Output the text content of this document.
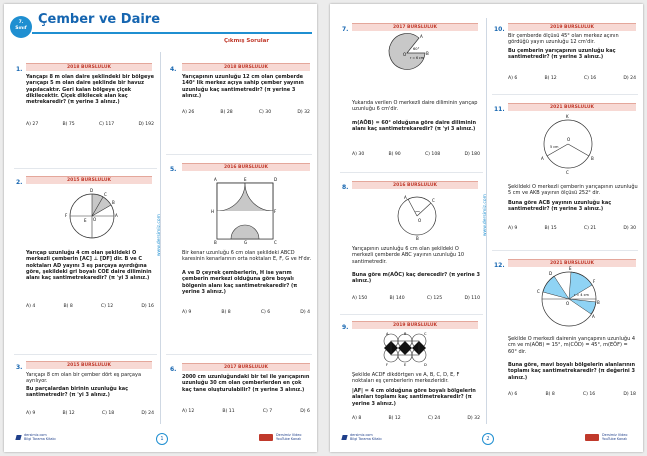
7.
Sınıf
Çember ve Daire
Çıkmış Sorular
www.dersimiz.com
1.	2018 BURSLULUK
Yançapı 8 m olan daire şeklindeki bir bölgeye yarıçapı 5 m olan daire şeklinde bir havuz yapılacaktır. Geri kalan bölgeye çiçek dikilecektir. Çiçek dikilecek alan kaç metrekaredir? (π yerine 3 alınız.)
A) 27	B) 75	C) 117	D) 192
2.	2015 BURSLULUK
D
C
B
E O
A
F
Yarıçap uzunluğu 4 cm olan şekildeki O merkezli çemberin [AC] ⊥ [DF] dir. B ve C noktaları AD yayını 3 eş parçaya ayırdığına göre, şekildeki gri boyalı COE daire diliminin alanı kaç santimetrekaredir? (π 'yi 3 alınız.)
A) 4	B) 8	C) 12	D) 16
3.	2015 BURSLULUK
Yarıçapı 8 cm olan bir çember dört eş parçaya ayrılıyor.
Bu parçalardan birinin uzunluğu kaç santimetredir? (π 'yi 3 alınız.)
A) 9	B) 12	C) 18	D) 24
4.	2018 BURSLULUK
Yarıçapının uzunluğu 12 cm olan çemberde 140° lik merkez açıya sahip çember yayının uzunluğu kaç santimetredir? (π yerine 3 alınız.)
A) 26	B) 28	C) 30	D) 32
5.	2016 BURSLULUK
A	E	D
F
H
B	G	C
Bir kenar uzunluğu 6 cm olan şekildeki ABCD karesinin kenarlarının orta noktaları E, F, G ve H'dır.
A ve D çeyrek çemberlerin, H ise yarım çemberin merkezi olduğuna göre boyalı bölgenin alanı kaç santimetrekaredir? (π yerine 3 alınız.)
A) 9	B) 8	C) 6	D) 4
6.	2017 BURSLULUK
2000 cm uzunluğundaki bir tel ile yarıçapının uzunluğu 30 cm olan çemberlerden en çok kaç tane oluşturulabilir? (π yerine 3 alınız.)
A) 12	B) 11	C) 7	D) 6
dersimiz.com
Bilgi Tarama Kitabı	1
Dersimiz Video
YouTube Kanalı
www.dersimiz.com
7.	2017 BURSLULUK
A
B
O
60°
r = 6 cm
Yukarıda verilen O merkezli daire diliminin yarıçap uzunluğu 6 cm'dir.
m(AÔB) = 60° olduğuna göre daire diliminin alanı kaç santimetrekaredir? (π 'yi 3 alınız.)
A) 30	B) 90	C) 108	D) 180
8.	2016 BURSLULUK
A
C
B
O
Yarıçapının uzunluğu 6 cm olan şekildeki O merkezli çemberde ABC yayının uzunluğu 10 santimetredir.
Buna göre m(AÔC) kaç derecedir? (π yerine 3 alınız.)
A) 150	B) 140	C) 125	D) 110
9.	2019 BURSLULUK
A	B	C
F	E	D
Şekilde ACDF dikdörtgen ve A, B, C, D, E, F noktaları eş çemberlerin merkezleridir.
|AF| = 4 cm olduğuna göre boyalı bölgelerin alanları toplamı kaç santimetrekaredir? (π yerine 3 alınız.)
A) 8	B) 12	C) 24	D) 32
10.	2019 BURSLULUK
Bir çemberde ölçüsü 45° olan merkez açının gördüğü yayın uzunluğu 12 cm'dir.
Bu çemberin yarıçapının uzunluğu kaç santimetredir? (π yerine 3 alınız.)
A) 6	B) 12	C) 16	D) 24
11.	2021 BURSLULUK
K
A	B
C
O
5 cm
Şekildeki O merkezli çemberin yarıçapının uzunluğu 5 cm ve AKB yayının ölçüsü 252° dir.
Buna göre ACB yayının uzunluğu kaç santimetredir? (π yerine 3 alınız.)
A) 9	B) 15	C) 21	D) 30
12.	2021 BURSLULUK
E
F
D
C
B
A
O
r = 4 cm
Şekilde O merkezli dairenin yarıçapının uzunluğu 4 cm ve m(AÔB) = 15°, m(CÔD) = 45°, m(EÔF) = 60° dir.
Buna göre, mavi boyalı bölgelerin alanlarının toplamı kaç santimetrekaredir? (π değerini 3 alınız.)
A) 6	B) 8	C) 16	D) 18
dersimiz.com
Bilgi Tarama Kitabı	2
Dersimiz Video
YouTube Kanalı
